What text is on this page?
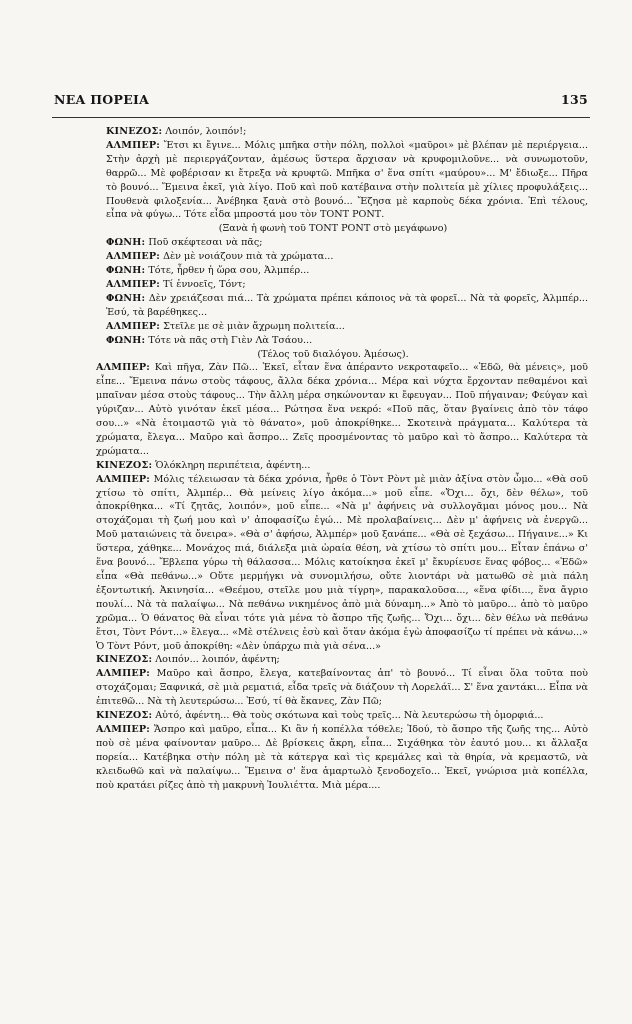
ΝΕΑ ΠΟΡΕΙΑ	135

ΚΙΝΕΖΟΣ: Λοιπόν, λοιπόν!;

ΑΛΜΠΕΡ: Ἔτσι κι ἔγινε... Μόλις μπῆκα στὴν πόλη, πολλοὶ «μαῦροι» μὲ βλέπαν μὲ περιέργεια... Στὴν ἀρχὴ μὲ περιεργάζονταν, ἀμέσως ὕστερα ἄρχισαν νὰ κρυφομιλοῦνε... νὰ συνωμοτοῦν, θαρρῶ... Μὲ φοβέρισαν κι ἔτρεξα νὰ κρυφτῶ. Μπῆκα σ' ἕνα σπίτι «μαύρου»... Μ' ἔδιωξε... Πῆρα τὸ βουνό... Ἔμεινα ἐκεῖ, γιὰ λίγο. Ποῦ καὶ ποῦ κατέβαινα στὴν πολιτεία μὲ χίλιες προφυλάξεις... Πουθενὰ φιλοξενία... Ἀνέβηκα ξανὰ στὸ βουνό... Ἔζησα μὲ καρποὺς δέκα χρόνια. Ἐπὶ τέλους, εἶπα νὰ φύγω... Τότε εἶδα μπροστά μου τὸν ΤΟΝΤ ΡΟΝΤ.

(Ξανὰ ἡ φωνὴ τοῦ ΤΟΝΤ ΡΟΝΤ στὸ μεγάφωνο)

ΦΩΝΗ: Ποῦ σκέφτεσαι νὰ πᾶς;

ΑΛΜΠΕΡ: Δὲν μὲ νοιάζουν πιὰ τὰ χρώματα...

ΦΩΝΗ: Τότε, ἦρθεν ἡ ὥρα σου, Ἀλμπέρ...

ΑΛΜΠΕΡ: Τί ἐννοεῖς, Τόντ;

ΦΩΝΗ: Δὲν χρειάζεσαι πιά... Τὰ χρώματα πρέπει κάποιος νὰ τὰ φορεῖ... Νὰ τὰ φορεῖς, Ἀλμπέρ... Ἐσύ, τὰ βαρέθηκες...

ΑΛΜΠΕΡ: Στεῖλε με σὲ μιὰν ἄχρωμη πολιτεία...

ΦΩΝΗ: Τότε νὰ πᾶς στὴ Γιὲν Λὰ Τσάου...

(Τέλος τοῦ διαλόγου. Ἀμέσως).

ΑΛΜΠΕΡ: Καὶ πῆγα, Ζὰν Πῶ... Ἐκεῖ, εἶταν ἕνα ἀπέραντο νεκροταφεῖο... «Ἐδῶ, θὰ μένεις», μοῦ εἶπε... Ἔμεινα πάνω στοὺς τάφους, ἄλλα δέκα χρόνια... Μέρα καὶ νύχτα ἔρχονταν πεθαμένοι καὶ μπαῖναν μέσα στοὺς τάφους... Τὴν ἄλλη μέρα σηκώνονταν κι ἔφευγαν... Ποῦ πήγαιναν; Φεύγαν καὶ γύριζαν... Αὐτὸ γινόταν ἐκεῖ μέσα... Ρώτησα ἕνα νεκρό: «Ποῦ πᾶς, ὅταν βγαίνεις ἀπὸ τὸν τάφο σου...» «Νὰ ἑτοιμαστῶ γιὰ τὸ θάνατο», μοῦ ἀποκρίθηκε... Σκοτεινὰ πράγματα... Καλύτερα τὰ χρώματα, ἔλεγα... Μαῦρο καὶ ἄσπρο... Ζεῖς προσμένοντας τὸ μαῦρο καὶ τὸ ἄσπρο... Καλύτερα τὰ χρώματα...

ΚΙΝΕΖΟΣ: Ὁλόκληρη περιπέτεια, ἀφέντη...

ΑΛΜΠΕΡ: Μόλις τέλειωσαν τὰ δέκα χρόνια, ἦρθε ὁ Τὸντ Ρὸντ μὲ μιὰν ἀξίνα στὸν ὦμο... «Θὰ σοῦ χτίσω τὸ σπίτι, Ἀλμπέρ... Θὰ μείνεις λίγο ἀκόμα...» μοῦ εἶπε. «Ὄχι... ὄχι, δὲν θέλω», τοῦ ἀποκρίθηκα... «Τί ζητᾶς, λοιπόν», μοῦ εἶπε... «Νὰ μ' ἀφήνεις νὰ συλλογᾶμαι μόνος μου... Νὰ στοχάζομαι τὴ ζωή μου καὶ ν' ἀποφασίζω ἐγώ... Μὲ προλαβαίνεις... Δὲν μ' ἀφήνεις νὰ ἐνεργῶ... Μοῦ ματαιώνεις τὰ ὄνειρα». «Θὰ σ' ἀφήσω, Ἀλμπέρ» μοῦ ξανάπε... «Θὰ σὲ ξεχάσω... Πήγαινε...» Κι ὕστερα, χάθηκε... Μονάχος πιά, διάλεξα μιὰ ὡραία θέση, νὰ χτίσω τὸ σπίτι μου... Εἶταν ἐπάνω σ' ἕνα βουνό... Ἔβλεπα γύρω τὴ θάλασσα... Μόλις κατοίκησα ἐκεῖ μ' ἔκυρίευσε ἕνας φόβος... «Ἐδῶ» εἶπα «Θὰ πεθάνω...» Οὔτε μερμήγκι νὰ συνομιλήσω, οὔτε λιοντάρι νὰ ματωθῶ σὲ μιὰ πάλη ἐξοντωτική. Ἀκινησία... «Θεέμου, στεῖλε μου μιὰ τίγρη», παρακαλοῦσα..., «ἕνα φίδι..., ἕνα ἄγριο πουλί... Νὰ τὰ παλαίψω... Νὰ πεθάνω νικημένος ἀπὸ μιὰ δύναμη...» Ἀπὸ τὸ μαῦρο... ἀπὸ τὸ μαῦρο χρῶμα... Ὁ θάνατος θὰ εἶναι τότε γιὰ μένα τὸ ἄσπρο τῆς ζωῆς... Ὄχι... ὄχι... δὲν θέλω νὰ πεθάνω ἔτσι, Τὸντ Ρόντ...» ἔλεγα... «Μὲ στέλνεις ἐσὺ καὶ ὅταν ἀκόμα ἐγὼ ἀποφασίζω τί πρέπει νὰ κάνω...» Ὁ Τὸντ Ρόντ, μοῦ ἀποκρίθη: «Δὲν ὑπάρχω πιὰ γιὰ σένα...»

ΚΙΝΕΖΟΣ: Λοιπόν... λοιπόν, ἀφέντη;

ΑΛΜΠΕΡ: Μαῦρο καὶ ἄσπρο, ἔλεγα, κατεβαίνοντας ἀπ' τὸ βουνό... Τί εἶναι ὅλα τοῦτα ποὺ στοχάζομαι; Ξαφνικά, σὲ μιὰ ρεματιά, εἶδα τρεῖς νὰ διάζουν τὴ Λορελάϊ... Σ' ἕνα χαντάκι... Εἶπα νὰ ἐπιτεθῶ... Νὰ τὴ λευτερώσω... Ἐσύ, τί θὰ ἔκανες, Ζὰν Πῶ;

ΚΙΝΕΖΟΣ: Αὐτό, ἀφέντη... Θὰ τοὺς σκότωνα καὶ τοὺς τρεῖς... Νὰ λευτερώσω τὴ ὀμορφιά...

ΑΛΜΠΕΡ: Ἄσπρο καὶ μαῦρο, εἶπα... Κι ἂν ἡ κοπέλλα τόθελε; Ἰδού, τὸ ἄσπρο τῆς ζωῆς της... Αὐτὸ ποὺ σὲ μένα φαίνονταν μαῦρο... Δὲ βρίσκεις ἄκρη, εἶπα... Σιχάθηκα τὸν ἑαυτό μου... κι ἄλλαξα πορεία... Κατέβηκα στὴν πόλη μὲ τὰ κάτεργα καὶ τὶς κρεμάλες καὶ τὰ θηρία, νὰ κρεμαστῶ, νὰ κλειδωθῶ καὶ νὰ παλαίψω... Ἔμεινα σ' ἕνα ἁμαρτωλὸ ξενοδοχεῖο... Ἐκεῖ, γνώρισα μιὰ κοπέλλα, ποὺ κρατάει ρίζες ἀπὸ τὴ μακρυνὴ Ἰουλιέττα. Μιὰ μέρα....
